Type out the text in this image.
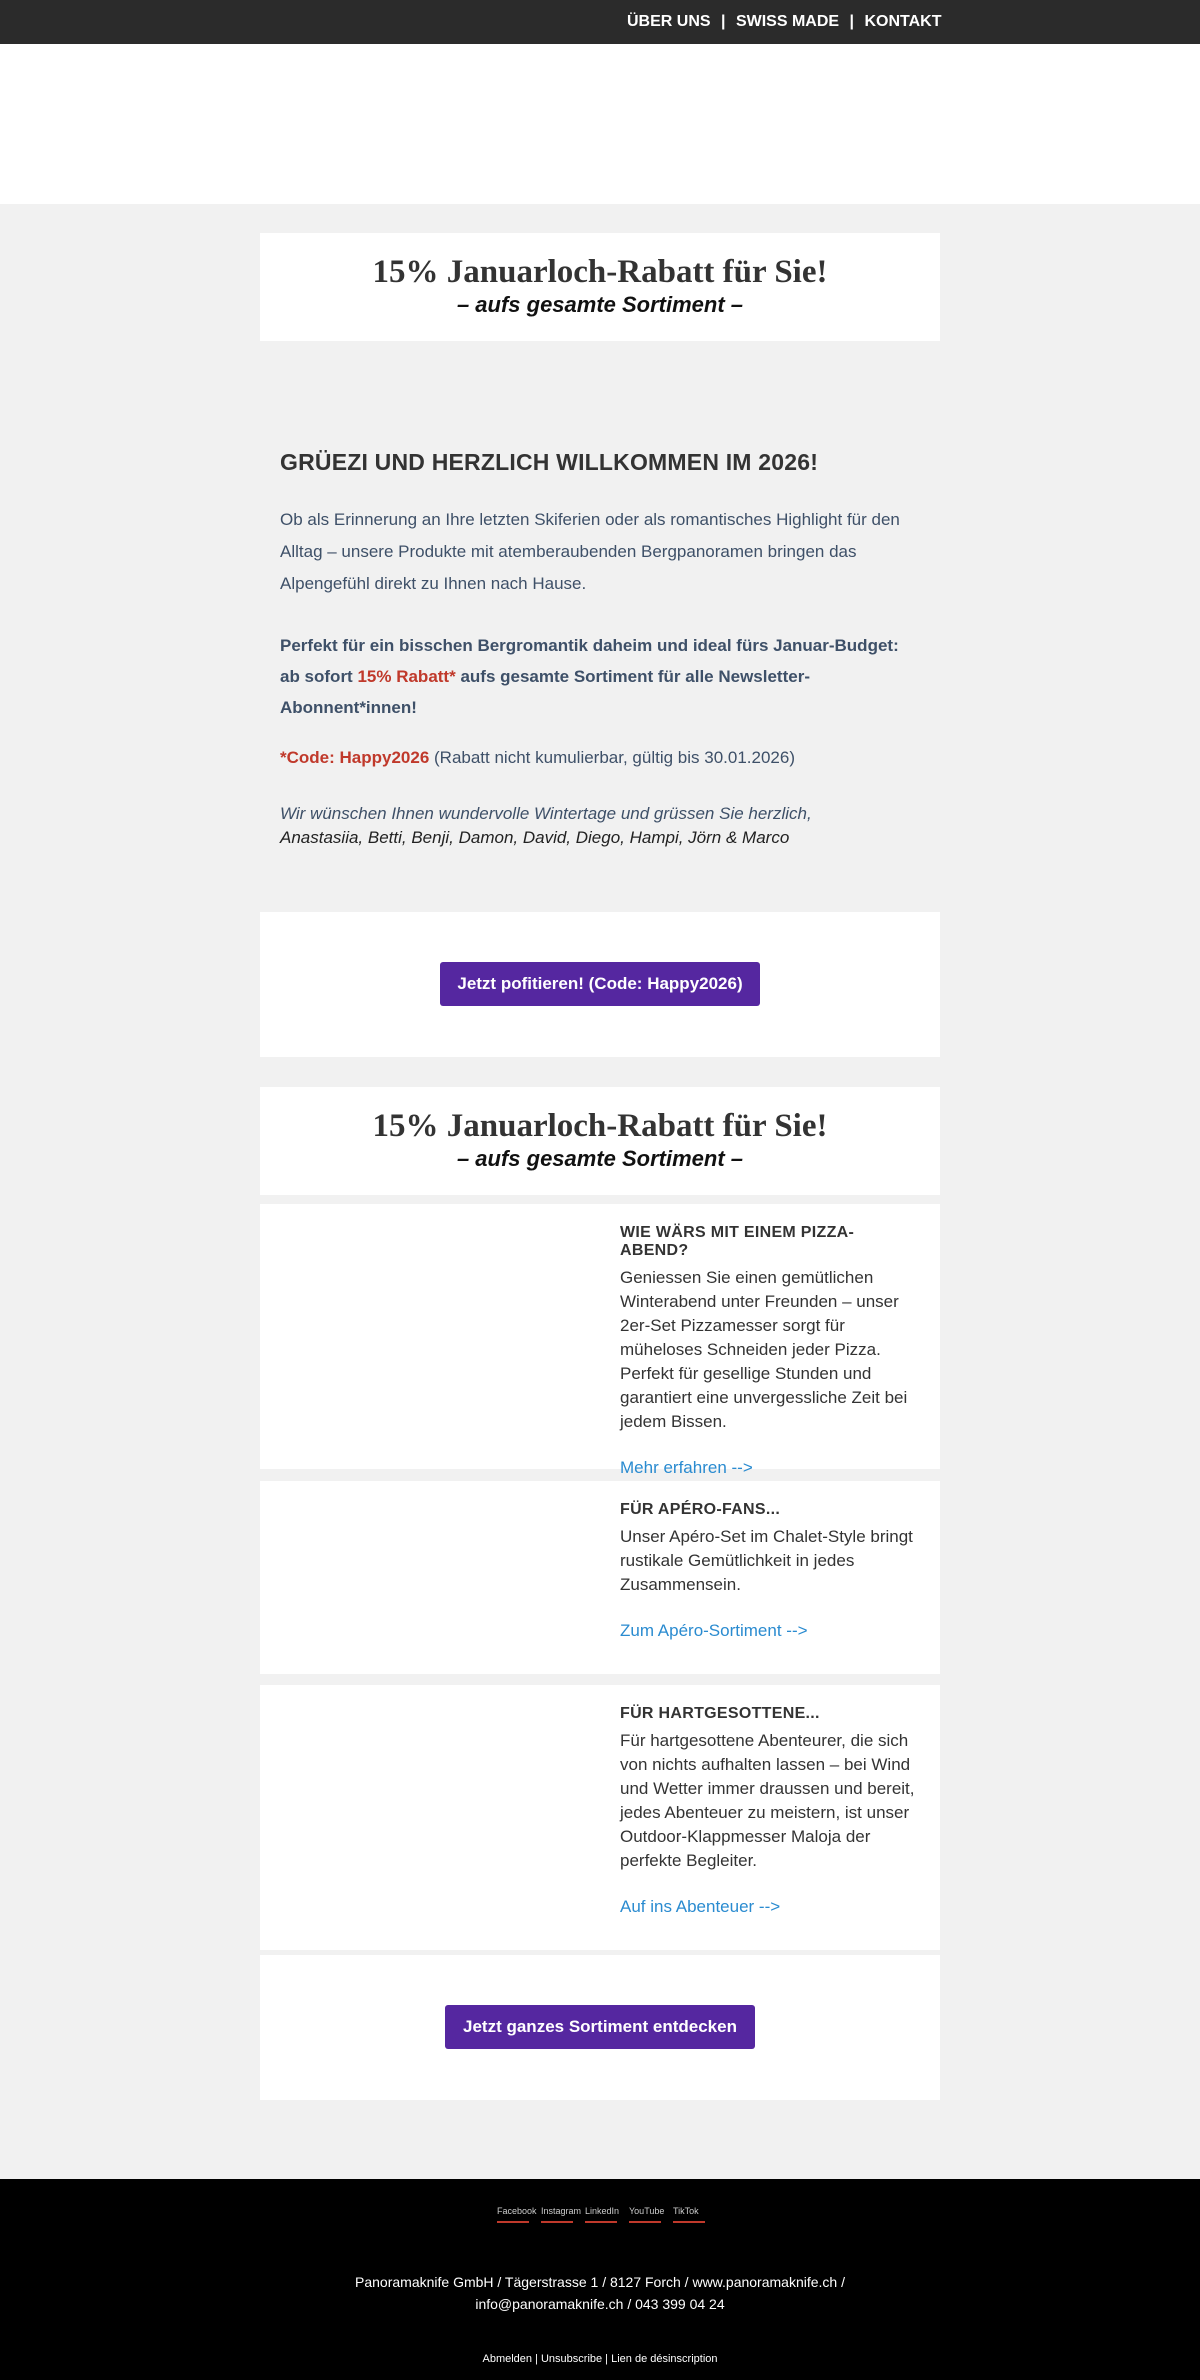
ÜBER UNS | SWISS MADE | KONTAKT
15% Januarloch-Rabatt für Sie!
– aufs gesamte Sortiment –
GRÜEZI UND HERZLICH WILLKOMMEN IM 2026!

Ob als Erinnerung an Ihre letzten Skiferien oder als romantisches Highlight für den Alltag – unsere Produkte mit atemberaubenden Bergpanoramen bringen das Alpengefühl direkt zu Ihnen nach Hause.

Perfekt für ein bisschen Bergromantik daheim und ideal fürs Januar-Budget:
ab sofort 15% Rabatt* aufs gesamte Sortiment für alle Newsletter-Abonnent*innen!

*Code: Happy2026 (Rabatt nicht kumulierbar, gültig bis 30.01.2026)

Wir wünschen Ihnen wundervolle Wintertage und grüssen Sie herzlich,

Anastasiia, Betti, Benji, Damon, David, Diego, Hampi, Jörn & Marco

Jetzt pofitieren! (Code: Happy2026)
15% Januarloch-Rabatt für Sie!
– aufs gesamte Sortiment –
WIE WÄRS MIT EINEM PIZZA-ABEND?

Geniessen Sie einen gemütlichen Winterabend unter Freunden – unser 2er-Set Pizzamesser sorgt für müheloses Schneiden jeder Pizza. Perfekt für gesellige Stunden und garantiert eine unvergessliche Zeit bei jedem Bissen.

Mehr erfahren -->
FÜR APÉRO-FANS...

Unser Apéro-Set im Chalet-Style bringt rustikale Gemütlichkeit in jedes Zusammensein.

Zum Apéro-Sortiment -->
FÜR HARTGESOTTENE...

Für hartgesottene Abenteurer, die sich von nichts aufhalten lassen – bei Wind und Wetter immer draussen und bereit, jedes Abenteuer zu meistern, ist unser Outdoor-Klappmesser Maloja der perfekte Begleiter.

Auf ins Abenteuer -->
Jetzt ganzes Sortiment entdecken
Facebook Instagram LinkedIn YouTube TikTok
Panoramaknife GmbH / Tägerstrasse 1 / 8127 Forch / www.panoramaknife.ch /
info@panoramaknife.ch / 043 399 04 24
Abmelden | Unsubscribe | Lien de désinscription
